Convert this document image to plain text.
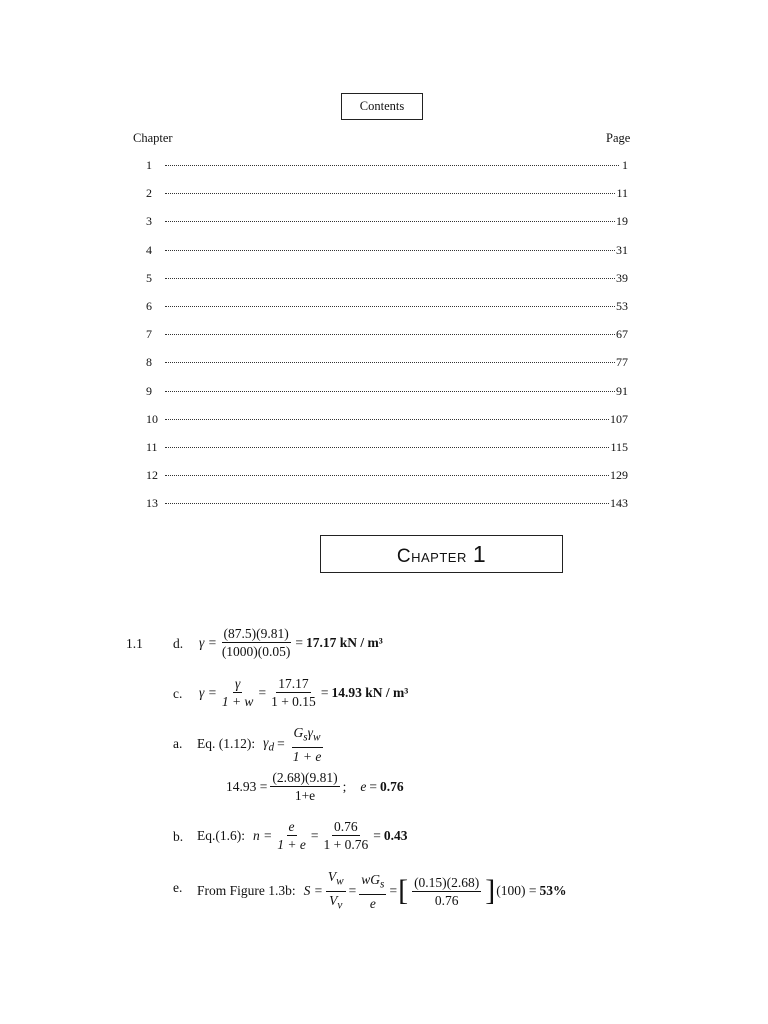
Contents
Chapter	Page
1	1
2	11
3	19
4	31
5	39
6	53
7	67
8	77
9	91
10	107
11	115
12	129
13	143
Chapter 1
1.1 d. $\gamma = \frac{(87.5)(9.81)}{(1000)(0.05)} = 17.17$ kN / m³
c. $\gamma = \frac{\gamma}{1 + w} = \frac{17.17}{1 + 0.15} = 14.93$ kN / m³
a. Eq. (1.12): $\gamma_d = \frac{G_s\gamma_w}{1 + e}$
$14.93 = \frac{(2.68)(9.81)}{1+e}$ ; e = 0.76
b. Eq.(1.6): $n = \frac{e}{1 + e} = \frac{0.76}{1 + 0.76} = 0.43$
e. From Figure 1.3b: $S = \frac{V_w}{V_v} = \frac{wG_s}{e}$ = [ $\frac{(0.15)(2.68)}{0.76}$ ] (100) = 53%
